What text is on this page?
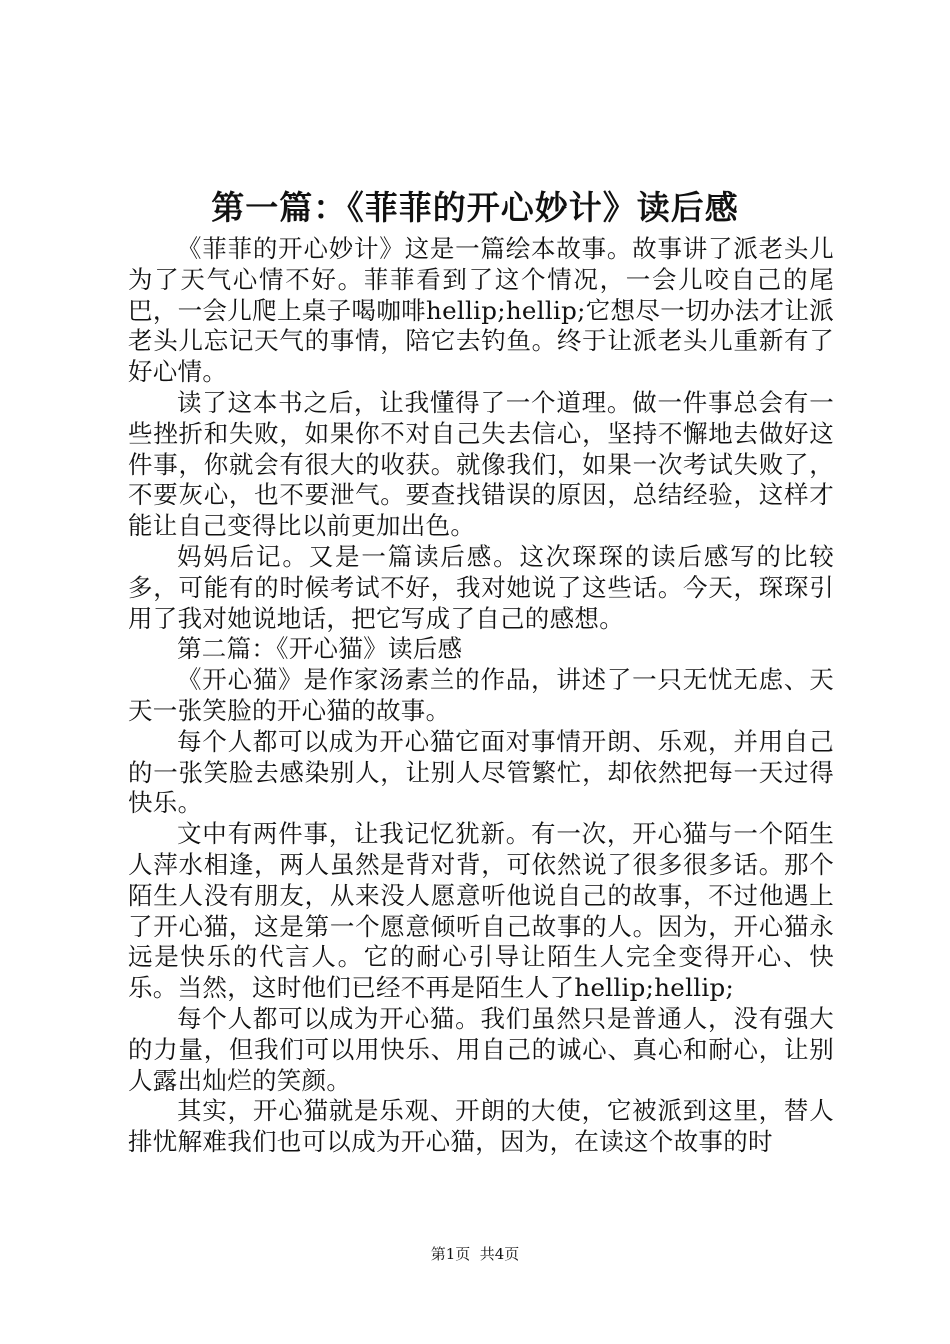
第一篇：《菲菲的开心妙计》读后感

《菲菲的开心妙计》这是一篇绘本故事。故事讲了派老头儿为了天气心情不好。菲菲看到了这个情况，一会儿咬自己的尾巴，一会儿爬上桌子喝咖啡hellip;hellip;它想尽一切办法才让派老头儿忘记天气的事情，陪它去钓鱼。终于让派老头儿重新有了好心情。

读了这本书之后，让我懂得了一个道理。做一件事总会有一些挫折和失败，如果你不对自己失去信心，坚持不懈地去做好这件事，你就会有很大的收获。就像我们，如果一次考试失败了，不要灰心，也不要泄气。要查找错误的原因，总结经验，这样才能让自己变得比以前更加出色。

妈妈后记。又是一篇读后感。这次琛琛的读后感写的比较多，可能有的时候考试不好，我对她说了这些话。今天，琛琛引用了我对她说地话，把它写成了自己的感想。

第二篇：《开心猫》读后感

《开心猫》是作家汤素兰的作品，讲述了一只无忧无虑、天天一张笑脸的开心猫的故事。

每个人都可以成为开心猫它面对事情开朗、乐观，并用自己的一张笑脸去感染别人，让别人尽管繁忙，却依然把每一天过得快乐。

文中有两件事，让我记忆犹新。有一次，开心猫与一个陌生人萍水相逢，两人虽然是背对背，可依然说了很多很多话。那个陌生人没有朋友，从来没人愿意听他说自己的故事，不过他遇上了开心猫，这是第一个愿意倾听自己故事的人。因为，开心猫永远是快乐的代言人。它的耐心引导让陌生人完全变得开心、快乐。当然，这时他们已经不再是陌生人了hellip;hellip;

每个人都可以成为开心猫。我们虽然只是普通人，没有强大的力量，但我们可以用快乐、用自己的诚心、真心和耐心，让别人露出灿烂的笑颜。

其实，开心猫就是乐观、开朗的大使，它被派到这里，替人排忧解难我们也可以成为开心猫，因为，在读这个故事的时

第1页  共4页
